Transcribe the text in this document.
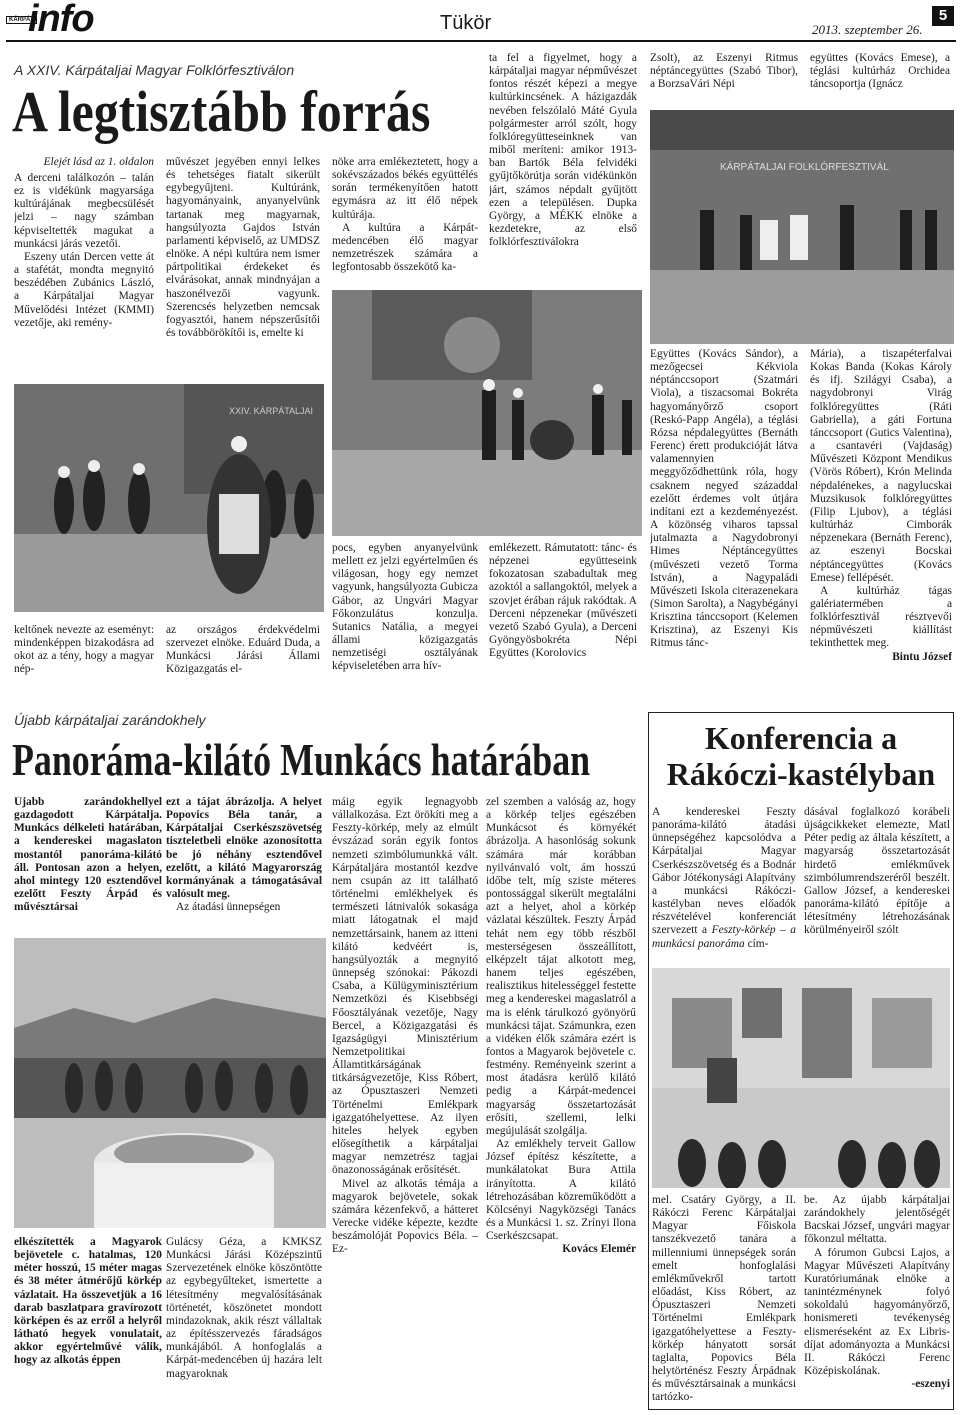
KÁRPÁT
info	Tükör	2013. szeptember 26.
5
A XXIV. Kárpátaljai Magyar Folklórfesztiválon
A legtisztább forrás
Elejét lásd az 1. oldalon

A derceni találkozón – talán ez is vidékünk magyarsága kultúrájának megbecsülését jelzi – nagy számban képviseltették magukat a munkácsi járás vezetői.

Eszeny után Dercen vette át a stafétát, mondta megnyitó beszédében Zubánics László, a Kárpátaljai Magyar Művelődési Intézet (KMMI) vezetője, aki remény-

művészet jegyében ennyi lelkes és tehetséges fiatalt sikerült egybegyűjteni. Kultúránk, hagyományaink, anyanyelvünk tartanak meg magyarnak, hangsúlyozta Gajdos István parlamenti képviselő, az UMDSZ elnöke. A népi kultúra nem ismer pártpolitikai érdekeket és elvárásokat, annak mindnyájan a haszonélvezői vagyunk. Szerencsés helyzetben nemcsak fogyasztói, hanem népszerűsítői és továbbörökítői is, emelte ki

nöke arra emlékeztetett, hogy a sokévszázados békés együttélés során termékenyítően hatott egymásra az itt élő népek kultúrája.

A kultúra a Kárpát-medencében élő magyar nemzetrészek számára a legfontosabb összekötő ka-

ta fel a figyelmet, hogy a kárpátaljai magyar népművészet fontos részét képezi a megye kultúrkincsének. A házigazdák nevében felszólaló Máté Gyula polgármester arról szólt, hogy folklóregyütteseinknek van miből meríteni: amikor 1913-ban Bartók Béla felvidéki gyűjtőkörútja során vidékünkön járt, számos népdalt gyűjtött ezen a településen. Dupka György, a MÉKK elnöke a kezdetekre, az első folklórfesztiválokra

Zsolt), az Eszenyi Ritmus néptáncegyüttes (Szabó Tibor), a BorzsaVári Népi

együttes (Kovács Emese), a téglási kultúrház Orchidea táncsoportja (Ignácz

XXIV. KÁRPÁTALJAI
KÁRPÁTALJAI FOLKLÓRFESZTIVÁL

keltőnek nevezte az eseményt: mindenképpen bizakodásra ad okot az a tény, hogy a magyar nép-

az országos érdekvédelmi szervezet elnöke. Eduárd Duda, a Munkácsi Járási Állami Közigazgatás el-

pocs, egyben anyanyelvünk mellett ez jelzi egyértelműen és világosan, hogy egy nemzet vagyunk, hangsúlyozta Gubicza Gábor, az Ungvári Magyar Főkonzulátus konzulja. Sutanics Natália, a megyei állami közigazgatás nemzetiségi osztályának képviseletében arra hív-

emlékezett. Rámutatott: tánc- és népzenei együtteseink fokozatosan szabadultak meg azoktól a sallangoktól, melyek a szovjet érában rájuk rakódtak. A Derceni népzenekar (művészeti vezető Szabó Gyula), a Derceni Gyöngyösbokréta Népi Együttes (Korolovics

Együttes (Kovács Sándor), a mezőgecsei Kékviola néptánccsoport (Szatmári Viola), a tiszacsomai Bokréta hagyományőrző csoport (Reskó-Papp Angéla), a téglási Rózsa népdalegyüttes (Bernáth Ferenc) érett produkcióját látva valamennyien meggyőződhettünk róla, hogy csaknem negyed századdal ezelőtt érdemes volt útjára indítani ezt a kezdeményezést. A közönség viharos tapssal jutalmazta a Nagydobronyi Himes Néptáncegyüttes (művészeti vezető Torma István), a Nagypaládi Művészeti Iskola citerazenekara (Simon Sarolta), a Nagybégányi Krisztina tánccsoport (Kelemen Krisztina), az Eszenyi Kis Ritmus tánc-

Mária), a tiszapéterfalvai Kokas Banda (Kokas Károly és ifj. Szilágyi Csaba), a nagydobronyi Virág folklóregyüttes (Ráti Gabriella), a gáti Fortuna tánccsoport (Gutics Valentina), a csantavéri (Vajdaság) Művészeti Központ Mendikus (Vörös Róbert), Krón Melinda népdalénekes, a nagylucskai Muzsikusok folklóregyüttes (Filip Ljubov), a téglási kultúrház Cimborák népzenekara (Bernáth Ferenc), az eszenyi Bocskai néptáncegyüttes (Kovács Emese) fellépését.

A kultúrház tágas galériatermében a folklórfesztivál résztvevői népművészeti kiállítást tekinthettek meg.

Bintu József
Újabb kárpátaljai zarándokhely
Panoráma-kilátó Munkács határában

Újabb zarándokhellyel gazdagodott Kárpátalja. Munkács délkeleti határában, a kendereskei magaslaton mostantól panoráma-kilátó áll. Pontosan azon a helyen, ahol mintegy 120 esztendővel ezelőtt Feszty Árpád és művésztársai

ezt a tájat ábrázolja. A helyet Popovics Béla tanár, a Kárpátaljai Cserkészszövetség tiszteletbeli elnöke azonosította be jó néhány esztendővel ezelőtt, a kilátó Magyarország kormányának a támogatásával valósult meg.

Az átadási ünnepségen

elkészítették a Magyarok bejövetele c. hatalmas, 120 méter hosszú, 15 méter magas és 38 méter átmérőjű körkép vázlatait. Ha összevetjük a 16 darab baszlatpara gravírozott körképen és az erről a helyről látható hegyek vonulatait, akkor egyértelművé válik, hogy az alkotás éppen

Gulácsy Géza, a KMKSZ Munkácsi Járási Középszintű Szervezetének elnöke köszöntötte az egybegyűlteket, ismertette a létesítmény megvalósításának történetét, köszönetet mondott mindazoknak, akik részt vállaltak az építésszervezés fáradságos munkájából. A honfoglalás a Kárpát-medencében új hazára lelt magyaroknak

máig egyik legnagyobb vállalkozása. Ezt örökíti meg a Feszty-körkép, mely az elmúlt évszázad során egyik fontos nemzeti szimbólumunkká vált. Kárpátaljára mostantól kezdve nem csupán az itt található történelmi emlékhelyek és természeti látnivalók sokasága miatt látogatnak el majd nemzettársaink, hanem az itteni kilátó kedvéért is, hangsúlyozták a megnyitó ünnepség szónokai: Pákozdi Csaba, a Külügyminisztérium Nemzetközi és Kisebbségi Főosztályának vezetője, Nagy Bercel, a Közigazgatási és Igazságügyi Minisztérium Nemzetpolitikai Államtitkárságának titkárságvezetője, Kiss Róbert, az Ópusztaszeri Nemzeti Történelmi Emlékpark igazgatóhelyettese. Az ilyen hiteles helyek egyben elősegíthetik a kárpátaljai magyar nemzetrész tagjai önazonosságának erősítését.

Mivel az alkotás témája a magyarok bejövetele, sokak számára kézenfekvő, a hátteret Verecke vidéke képezte, kezdte beszámolóját Popovics Béla. – Ez-

zel szemben a valóság az, hogy a körkép teljes egészében Munkácsot és környékét ábrázolja. A hasonlóság sokunk számára már korábban nyilvánvaló volt, ám hosszú időbe telt, míg sziste méteres pontossággal sikerült megtalálni azt a helyet, ahol a körkép vázlatai készültek. Feszty Árpád tehát nem egy több részből mesterségesen összeállított, elképzelt tájat alkotott meg, hanem teljes egészében, realisztikus hitelességgel festette meg a kendereskei magaslatról a ma is elénk tárulkozó gyönyörű munkácsi tájat. Számunkra, ezen a vidéken élők számára ezért is fontos a Magyarok bejövetele c. festmény. Reményeink szerint a most átadásra kerülő kilátó pedig a Kárpát-medencei magyarság összetartozását erősíti, szellemi, lelki megújulását szolgálja.

Az emlékhely terveit Gallow József építész készítette, a munkálatokat Bura Attila irányította. A kilátó létrehozásában közreműködött a Kölcsényi Nagyközségi Tanács és a Munkácsi 1. sz. Zrínyi Ilona Cserkészcsapat.

Kovács Elemér
Konferencia a Rákóczi-kastélyban

A kendereskei Feszty panoráma-kilátó átadási ünnepségéhez kapcsolódva a Kárpátaljai Magyar Cserkészszövetség és a Bodnár Gábor Jótékonysági Alapítvány a munkácsi Rákóczi-kastélyban neves előadók részvételével konferenciát szervezett a Feszty-körkép – a munkácsi panoráma cím-

dásával foglalkozó korábeli újságcikkeket elemezte, Matl Péter pedig az általa készített, a magyarság összetartozását hirdető emlékművek szimbólumrendszeréről beszélt. Gallow József, a kendereskei panoráma-kilátó építője a létesítmény létrehozásának körülményeiről szólt

mel. Csatáry György, a II. Rákóczi Ferenc Kárpátaljai Magyar Főiskola tanszékvezető tanára a millenniumi ünnepségek során emelt honfoglalási emlékművekről tartott előadást, Kiss Róbert, az Ópusztaszeri Nemzeti Történelmi Emlékpark igazgatóhelyettese a Feszty-körkép hányatott sorsát taglalta, Popovics Béla helytörténész Feszty Árpádnak és művésztársainak a munkácsi tartózko-

be. Az újabb kárpátaljai zarándokhely jelentőségét Bacskai József, ungvári magyar főkonzul méltatta.

A fórumon Gubcsi Lajos, a Magyar Művészeti Alapítvány Kuratóriumának elnöke a tanintézménynek folyó sokoldalú hagyományőrző, honismereti tevékenység elismeréseként az Ex Libris-díjat adományozta a Munkácsi II. Rákóczi Ferenc Középiskolának.

-eszenyi
